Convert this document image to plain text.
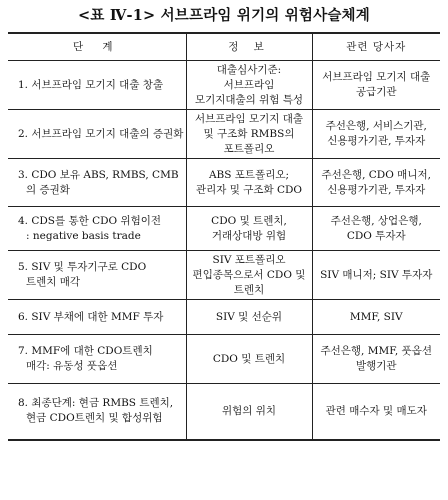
<표 Ⅳ-1> 서브프라임 위기의 위험사슬체계
단 계	정 보	관련 당사자

1. 서브프라임 모기지 대출 창출	대출심사기준:
서브프라임
모기지대출의 위험 특성	서브프라임 모기지 대출
공급기관

2. 서브프라임 모기지 대출의 증권화	서브프라임 모기지 대출
및 구조화 RMBS의
포트폴리오	주선은행, 서비스기관,
신용평가기관, 투자자

3. CDO 보유 ABS, RMBS, CMB
의 증권화	ABS 포트폴리오;
관리자 및 구조화 CDO	주선은행, CDO 매니저,
신용평가기관, 투자자

4. CDS를 통한 CDO 위험이전
: negative basis trade	CDO 및 트렌치,
거래상대방 위험	주선은행, 상업은행,
CDO 투자자

5. SIV 및 투자기구로 CDO
트렌치 매각	SIV 포트폴리오
편입종목으로서 CDO 및
트렌치	SIV 매니저; SIV 투자자

6. SIV 부채에 대한 MMF 투자	SIV 및 선순위	MMF, SIV

7. MMF에 대한 CDO트렌치
매각: 유동성 풋옵션	CDO 및 트렌치	주선은행, MMF, 풋옵션
발행기관

8. 최종단계: 현금 RMBS 트렌치,
현금 CDO트렌치 및 합성위험	위험의 위치	관련 매수자 및 매도자
